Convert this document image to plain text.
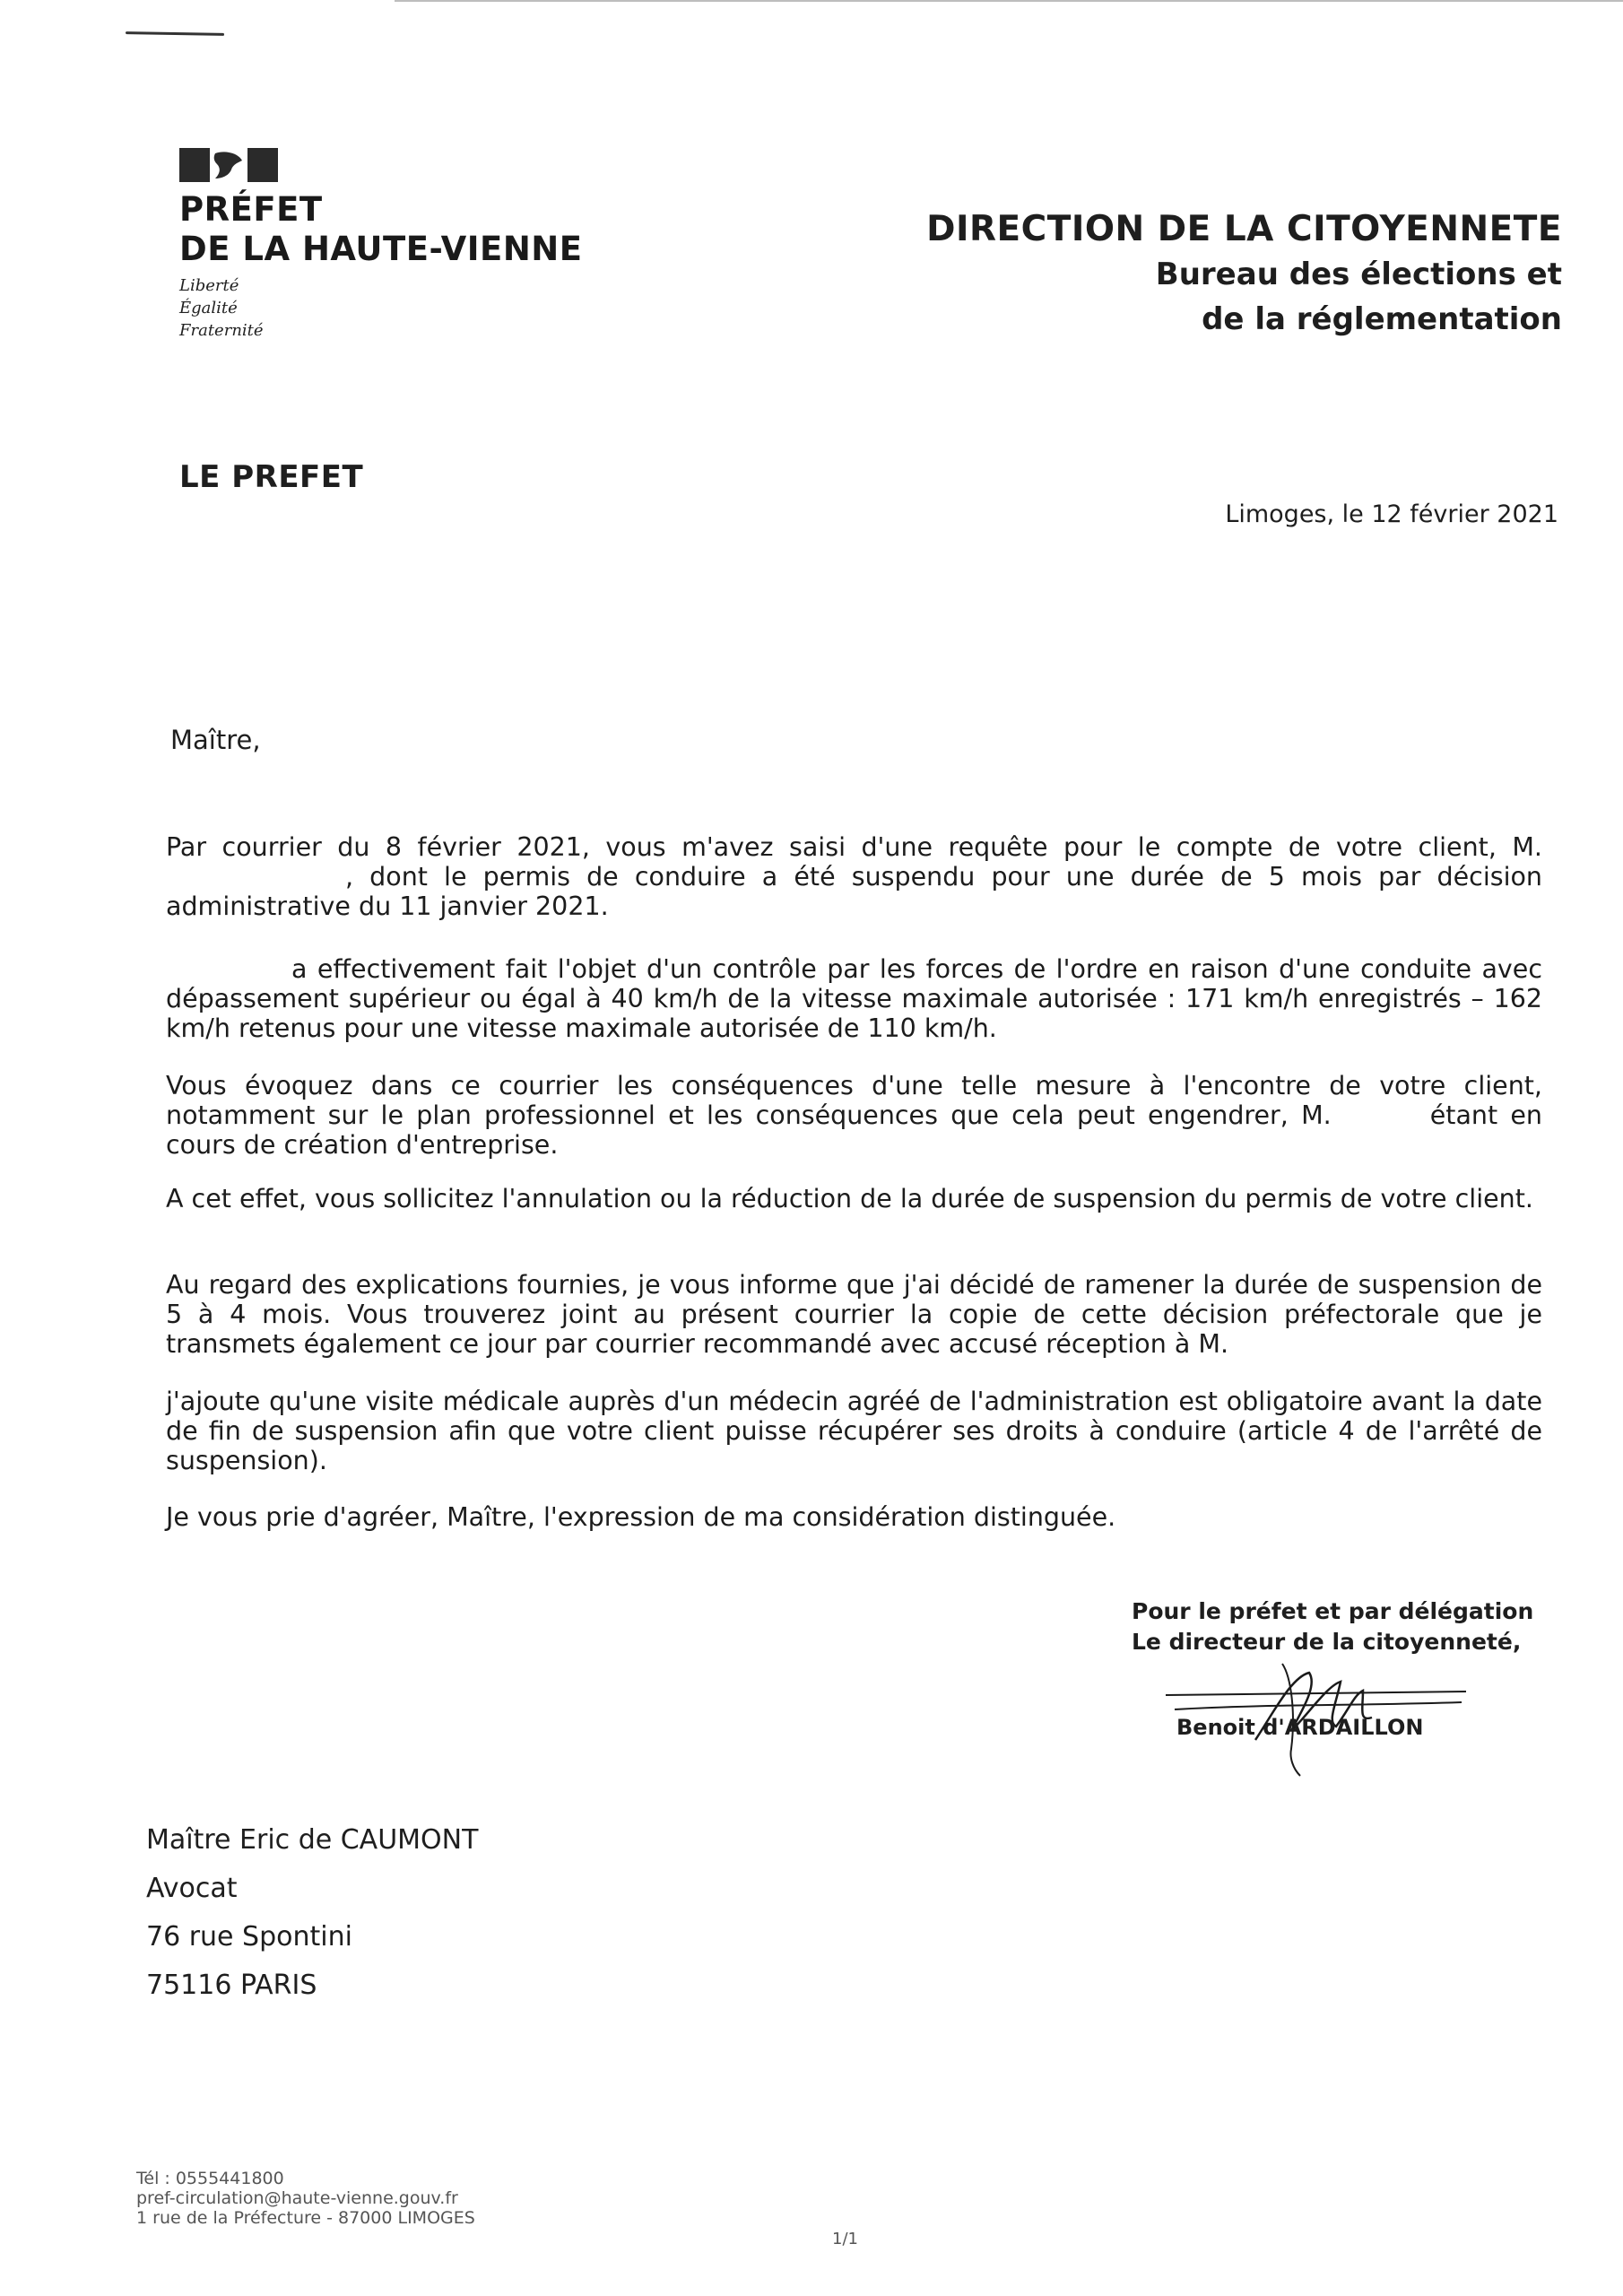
PRÉFET
DE LA HAUTE-VIENNE
Liberté
Égalité
Fraternité
DIRECTION DE LA CITOYENNETE
Bureau des élections et
de la réglementation
LE PREFET
Limoges, le 12 février 2021
Maître,
Par courrier du 8 février 2021, vous m'avez saisi d'une requête pour le compte de votre client, M., dont le permis de conduire a été suspendu pour une durée de 5 mois par décision administrative du 11 janvier 2021.
a effectivement fait l'objet d'un contrôle par les forces de l'ordre en raison d'une conduite avec dépassement supérieur ou égal à 40 km/h de la vitesse maximale autorisée : 171 km/h enregistrés – 162 km/h retenus pour une vitesse maximale autorisée de 110 km/h.
Vous évoquez dans ce courrier les conséquences d'une telle mesure à l'encontre de votre client, notamment sur le plan professionnel et les conséquences que cela peut engendrer, M.	étant en cours de création d'entreprise.
A cet effet, vous sollicitez l'annulation ou la réduction de la durée de suspension du permis de votre client.
Au regard des explications fournies, je vous informe que j'ai décidé de ramener la durée de suspension de 5 à 4 mois. Vous trouverez joint au présent courrier la copie de cette décision préfectorale que je transmets également ce jour par courrier recommandé avec accusé réception à M.
j'ajoute qu'une visite médicale auprès d'un médecin agréé de l'administration est obligatoire avant la date de fin de suspension afin que votre client puisse récupérer ses droits à conduire (article 4 de l'arrêté de suspension).
Je vous prie d'agréer, Maître, l'expression de ma considération distinguée.
Pour le préfet et par délégation
Le directeur de la citoyenneté,
Benoit d'ARDAILLON
Maître Eric de CAUMONT
Avocat
76 rue Spontini
75116 PARIS
Tél : 0555441800
pref-circulation@haute-vienne.gouv.fr
1 rue de la Préfecture - 87000 LIMOGES
1/1
